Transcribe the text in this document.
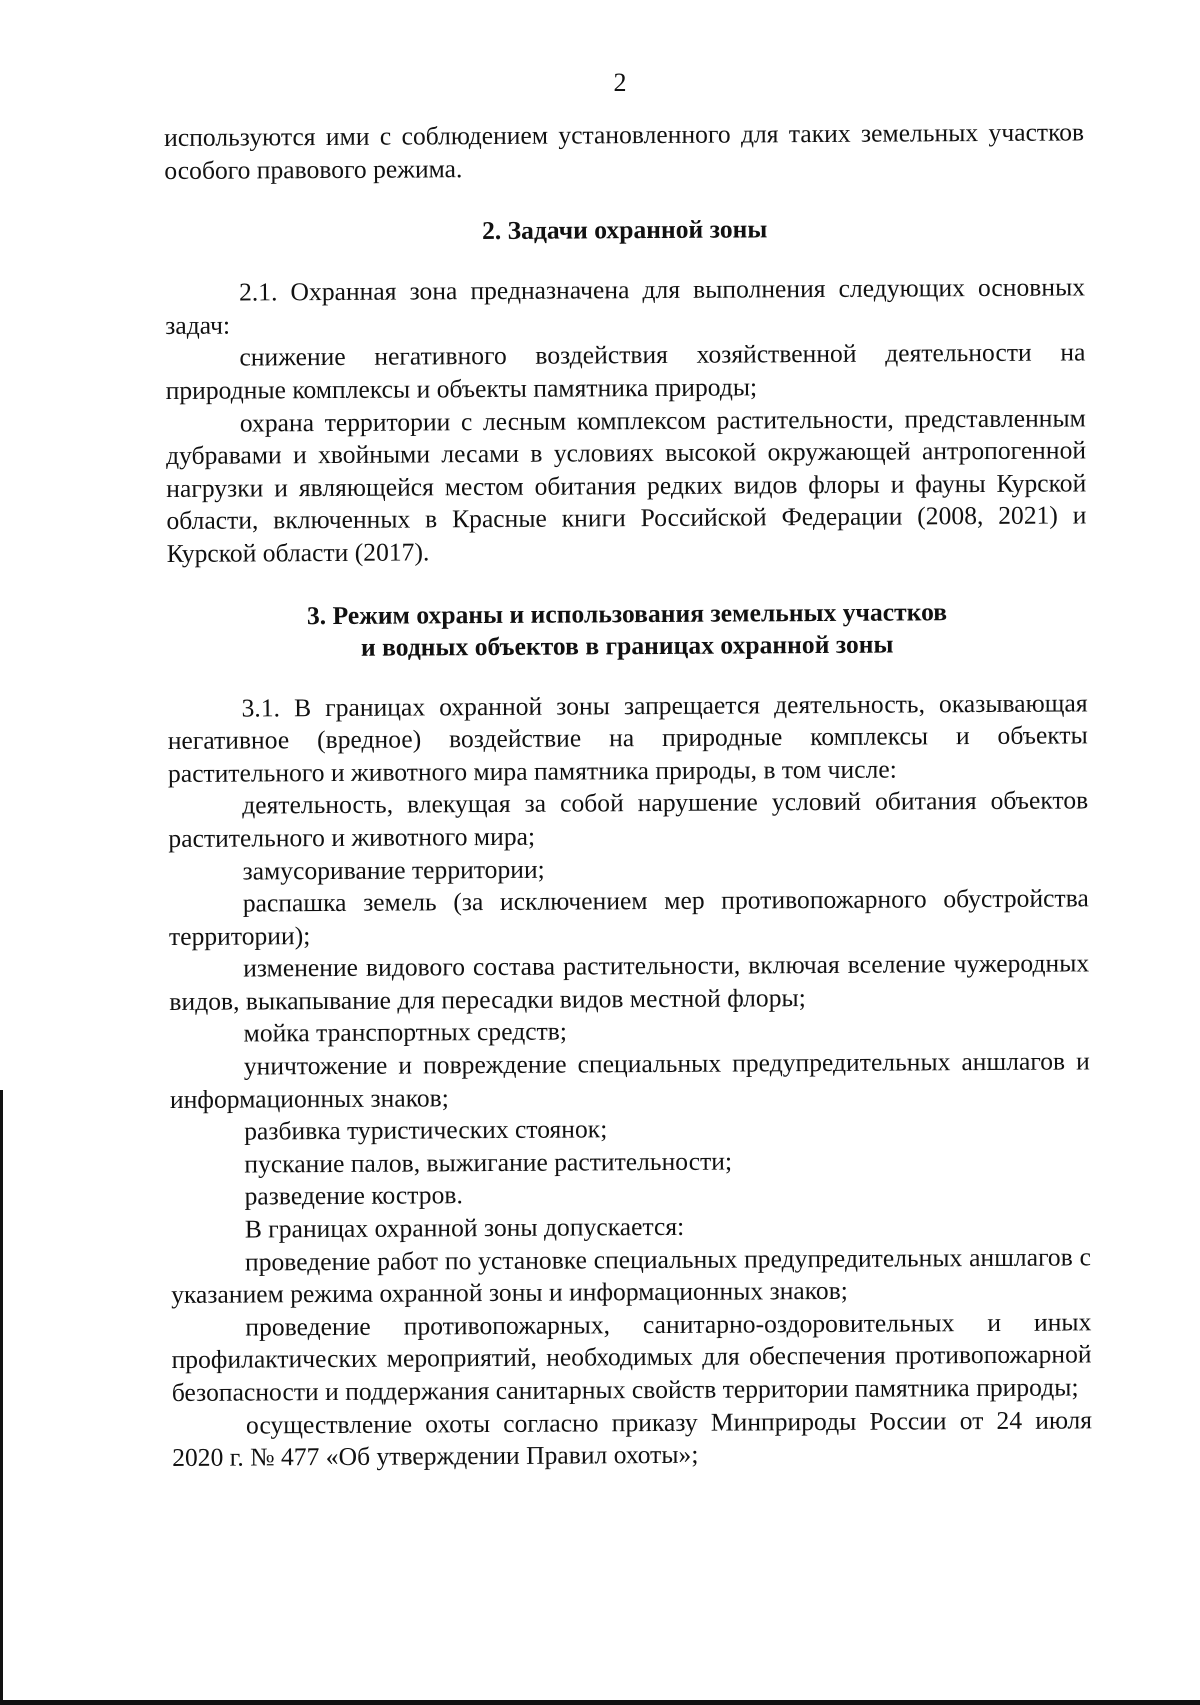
2

используются ими с соблюдением установленного для таких земельных участков особого правового режима.

2. Задачи охранной зоны

2.1. Охранная зона предназначена для выполнения следующих основных задач:

снижение негативного воздействия хозяйственной деятельности на природные комплексы и объекты памятника природы;

охрана территории с лесным комплексом растительности, представленным дубравами и хвойными лесами в условиях высокой окружающей антропогенной нагрузки и являющейся местом обитания редких видов флоры и фауны Курской области, включенных в Красные книги Российской Федерации (2008, 2021) и Курской области (2017).

3. Режим охраны и использования земельных участков
и водных объектов в границах охранной зоны

3.1. В границах охранной зоны запрещается деятельность, оказывающая негативное (вредное) воздействие на природные комплексы и объекты растительного и животного мира памятника природы, в том числе:

деятельность, влекущая за собой нарушение условий обитания объектов растительного и животного мира;

замусоривание территории;

распашка земель (за исключением мер противопожарного обустройства территории);

изменение видового состава растительности, включая вселение чужеродных видов, выкапывание для пересадки видов местной флоры;

мойка транспортных средств;

уничтожение и повреждение специальных предупредительных аншлагов и информационных знаков;

разбивка туристических стоянок;

пускание палов, выжигание растительности;

разведение костров.

В границах охранной зоны допускается:

проведение работ по установке специальных предупредительных аншлагов с указанием режима охранной зоны и информационных знаков;

проведение противопожарных, санитарно-оздоровительных и иных профилактических мероприятий, необходимых для обеспечения противопожарной безопасности и поддержания санитарных свойств территории памятника природы;

осуществление охоты согласно приказу Минприроды России от 24 июля 2020 г. № 477 «Об утверждении Правил охоты»;
